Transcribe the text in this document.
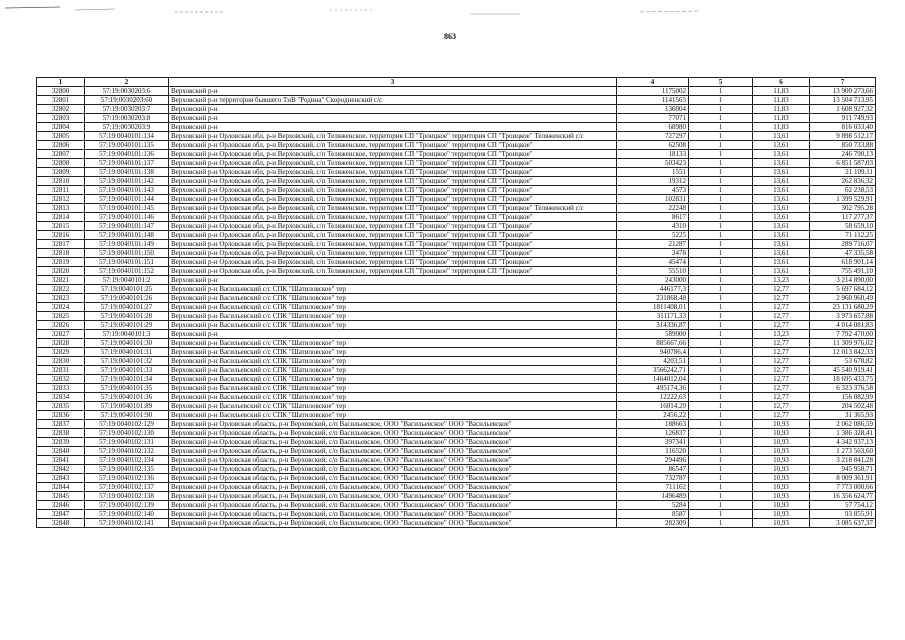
863
1	2	3	4	5	6	7
32800	57:19:0030203:6	Верховский р-н	1175002	1	11,83	13 900 273,66
32801	57:19:0030203:60	Верховский р-н территория бывшего ТнВ "Родина" Скородненский с/с	1141565	1	11,83	13 504 713,95
32802	57:19:0030203:7	Верховский р-н	136004	1	11,83	1 608 927,32
32803	57:19:0030203:8	Верховский р-н	77071	1	11,83	911 749,93
32804	57:19:0030203:9	Верховский р-н	68980	1	11,83	816 033,40
32805	57:19:0040101:134	Верховский р-н Орловская обл, р-н Верховский, с/п Теляженское, территория СП "Троицкое" территория СП "Троицкое" Теляженский с/с	727297	1	13,61	9 898 512,17
32806	57:19:0040101:135	Верховский р-н Орловская обл, р-н Верховский, с/п Теляженское, территория СП "Троицкое" территория СП "Троицкое"	62508	1	13,61	850 733,88
32807	57:19:0040101:136	Верховский р-н Орловская обл, р-н Верховский, с/п Теляженское, территория СП "Троицкое" территория СП "Троицкое"	18133	1	13,61	246 790,13
32808	57:19:0040101:137	Верховский р-н Орловская обл, р-н Верховский, с/п Теляженское, территория СП "Троицкое" территория СП "Троицкое"	503423	1	13,61	6 851 587,03
32809	57:19:0040101:138	Верховский р-н Орловская обл, р-н Верховский, с/п Теляженское, территория СП "Троицкое" территория СП "Троицкое"	1551	1	13,61	21 109,11
32810	57:19:0040101:142	Верховский р-н Орловская обл, р-н Верховский, с/п Теляженское, территория СП "Троицкое" территория СП "Троицкое"	19312	1	13,61	262 836,32
32811	57:19:0040101:143	Верховский р-н Орловская обл, р-н Верховский, с/п Теляженское, территория СП "Троицкое" территория СП "Троицкое"	4573	1	13,61	62 238,53
32812	57:19:0040101:144	Верховский р-н Орловская обл, р-н Верховский, с/п Теляженское, территория СП "Троицкое" территория СП "Троицкое"	102831	1	13,61	1 399 529,91
32813	57:19:0040101:145	Верховский р-н Орловская обл, р-н Верховский, с/п Теляженское, территория СП "Троицкое" территория СП "Троицкое" Теляженский с/с	22248	1	13,61	302 795,28
32814	57:19:0040101:146	Верховский р-н Орловская обл, р-н Верховский, с/п Теляженское, территория СП "Троицкое" территория СП "Троицкое"	8617	1	13,61	117 277,37
32815	57:19:0040101:147	Верховский р-н Орловская обл, р-н Верховский, с/п Теляженское, территория СП "Троицкое" территория СП "Троицкое"	4310	1	13,61	58 659,10
32816	57:19:0040101:148	Верховский р-н Орловская обл, р-н Верховский, с/п Теляженское, территория СП "Троицкое" территория СП "Троицкое"	5225	1	13,61	71 112,25
32817	57:19:0040101:149	Верховский р-н Орловская обл, р-н Верховский, с/п Теляженское, территория СП "Троицкое" территория СП "Троицкое"	21287	1	13,61	289 716,07
32818	57:19:0040101:150	Верховский р-н Орловская обл, р-н Верховский, с/п Теляженское, территория СП "Троицкое" территория СП "Троицкое"	3478	1	13,61	47 335,58
32819	57:19:0040101:151	Верховский р-н Орловская обл, р-н Верховский, с/п Теляженское, территория СП "Троицкое" территория СП "Троицкое"	45474	1	13,61	618 901,14
32820	57:19:0040101:152	Верховский р-н Орловская обл, р-н Верховский, с/п Теляженское, территория СП "Троицкое" территория СП "Троицкое"	55510	1	13,61	755 491,10
32821	57:19:0040101:2	Верховский р-н	243000	1	13,23	3 214 890,00
32822	57:19:0040101:25	Верховский р-н Васильевский с/с СПК "Шатиловское" тер	446177,3	1	12,77	5 697 684,12
32823	57:19:0040101:26	Верховский р-н Васильевский с/с СПК "Шатиловское" тер	231868,48	1	12,77	2 960 960,49
32824	57:19:0040101:27	Верховский р-н Васильевский с/с СПК "Шатиловское" тер	1811408,01	1	12,77	23 131 680,29
32825	57:19:0040101:28	Верховский р-н Васильевский с/с СПК "Шатиловское" тер	311171,33	1	12,77	3 973 657,88
32826	57:19:0040101:29	Верховский р-н Васильевский с/с СПК "Шатиловское" тер	314336,87	1	12,77	4 014 081,83
32827	57:19:0040101:3	Верховский р-н	589000	1	13,23	7 792 470,00
32828	57:19:0040101:30	Верховский р-н Васильевский с/с СПК "Шатиловское" тер	885667,66	1	12,77	11 309 976,02
32829	57:19:0040101:31	Верховский р-н Васильевский с/с СПК "Шатиловское" тер	940786,4	1	12,77	12 013 842,33
32830	57:19:0040101:32	Верховский р-н Васильевский с/с СПК "Шатиловское" тер	4203,51	1	12,77	53 678,82
32831	57:19:0040101:33	Верховский р-н Васильевский с/с СПК "Шатиловское" тер	3566242,71	1	12,77	45 540 919,41
32832	57:19:0040101:34	Верховский р-н Васильевский с/с СПК "Шатиловское" тер	1464012,04	1	12,77	18 695 433,75
32833	57:19:0040101:35	Верховский р-н Васильевский с/с СПК "Шатиловское" тер	495174,36	1	12,77	6 323 376,58
32834	57:19:0040101:36	Верховский р-н Васильевский с/с СПК "Шатиловское" тер	12222,63	1	12,77	156 082,99
32835	57:19:0040101:89	Верховский р-н Васильевский с/с СПК "Шатиловское" тер	16014,29	1	12,77	204 502,48
32836	57:19:0040101:90	Верховский р-н Васильевский с/с СПК "Шатиловское" тер	2456,22	1	12,77	31 365,93
32837	57:19:0040102:129	Верховский р-н Орловская область, р-н Верховский, с/п Васильевское, ООО "Васильевское" ООО "Васильевское"	188663	1	10,93	2 062 086,59
32838	57:19:0040102:130	Верховский р-н Орловская область, р-н Верховский, с/п Васильевское, ООО "Васильевское" ООО "Васильевское"	126837	1	10,93	1 386 328,41
32839	57:19:0040102:131	Верховский р-н Орловская область, р-н Верховский, с/п Васильевское, ООО "Васильевское" ООО "Васильевское"	397341	1	10,93	4 342 937,13
32840	57:19:0040102:132	Верховский р-н Орловская область, р-н Верховский, с/п Васильевское, ООО "Васильевское" ООО "Васильевское"	116520	1	10,93	1 273 563,60
32841	57:19:0040102:134	Верховский р-н Орловская область, р-н Верховский, с/п Васильевское, ООО "Васильевское" ООО "Васильевское"	294496	1	10,93	3 218 841,28
32842	57:19:0040102:135	Верховский р-н Орловская область, р-н Верховский, с/п Васильевское, ООО "Васильевское" ООО "Васильевское"	86547	1	10,93	945 958,71
32843	57:19:0040102:136	Верховский р-н Орловская область, р-н Верховский, с/п Васильевское, ООО "Васильевское" ООО "Васильевское"	732787	1	10,93	8 009 361,91
32844	57:19:0040102:137	Верховский р-н Орловская область, р-н Верховский, с/п Васильевское, ООО "Васильевское" ООО "Васильевское"	711162	1	10,93	7 773 000,66
32845	57:19:0040102:138	Верховский р-н Орловская область, р-н Верховский, с/п Васильевское, ООО "Васильевское" ООО "Васильевское"	1496489	1	10,93	16 356 624,77
32846	57:19:0040102:139	Верховский р-н Орловская область, р-н Верховский, с/п Васильевское, ООО "Васильевское" ООО "Васильевское"	5284	1	10,93	57 754,12
32847	57:19:0040102:140	Верховский р-н Орловская область, р-н Верховский, с/п Васильевское, ООО "Васильевское" ООО "Васильевское"	8587	1	10,93	93 855,91
32848	57:19:0040102:141	Верховский р-н Орловская область, р-н Верховский, с/п Васильевское, ООО "Васильевское" ООО "Васильевское"	282309	1	10,93	3 085 637,37
